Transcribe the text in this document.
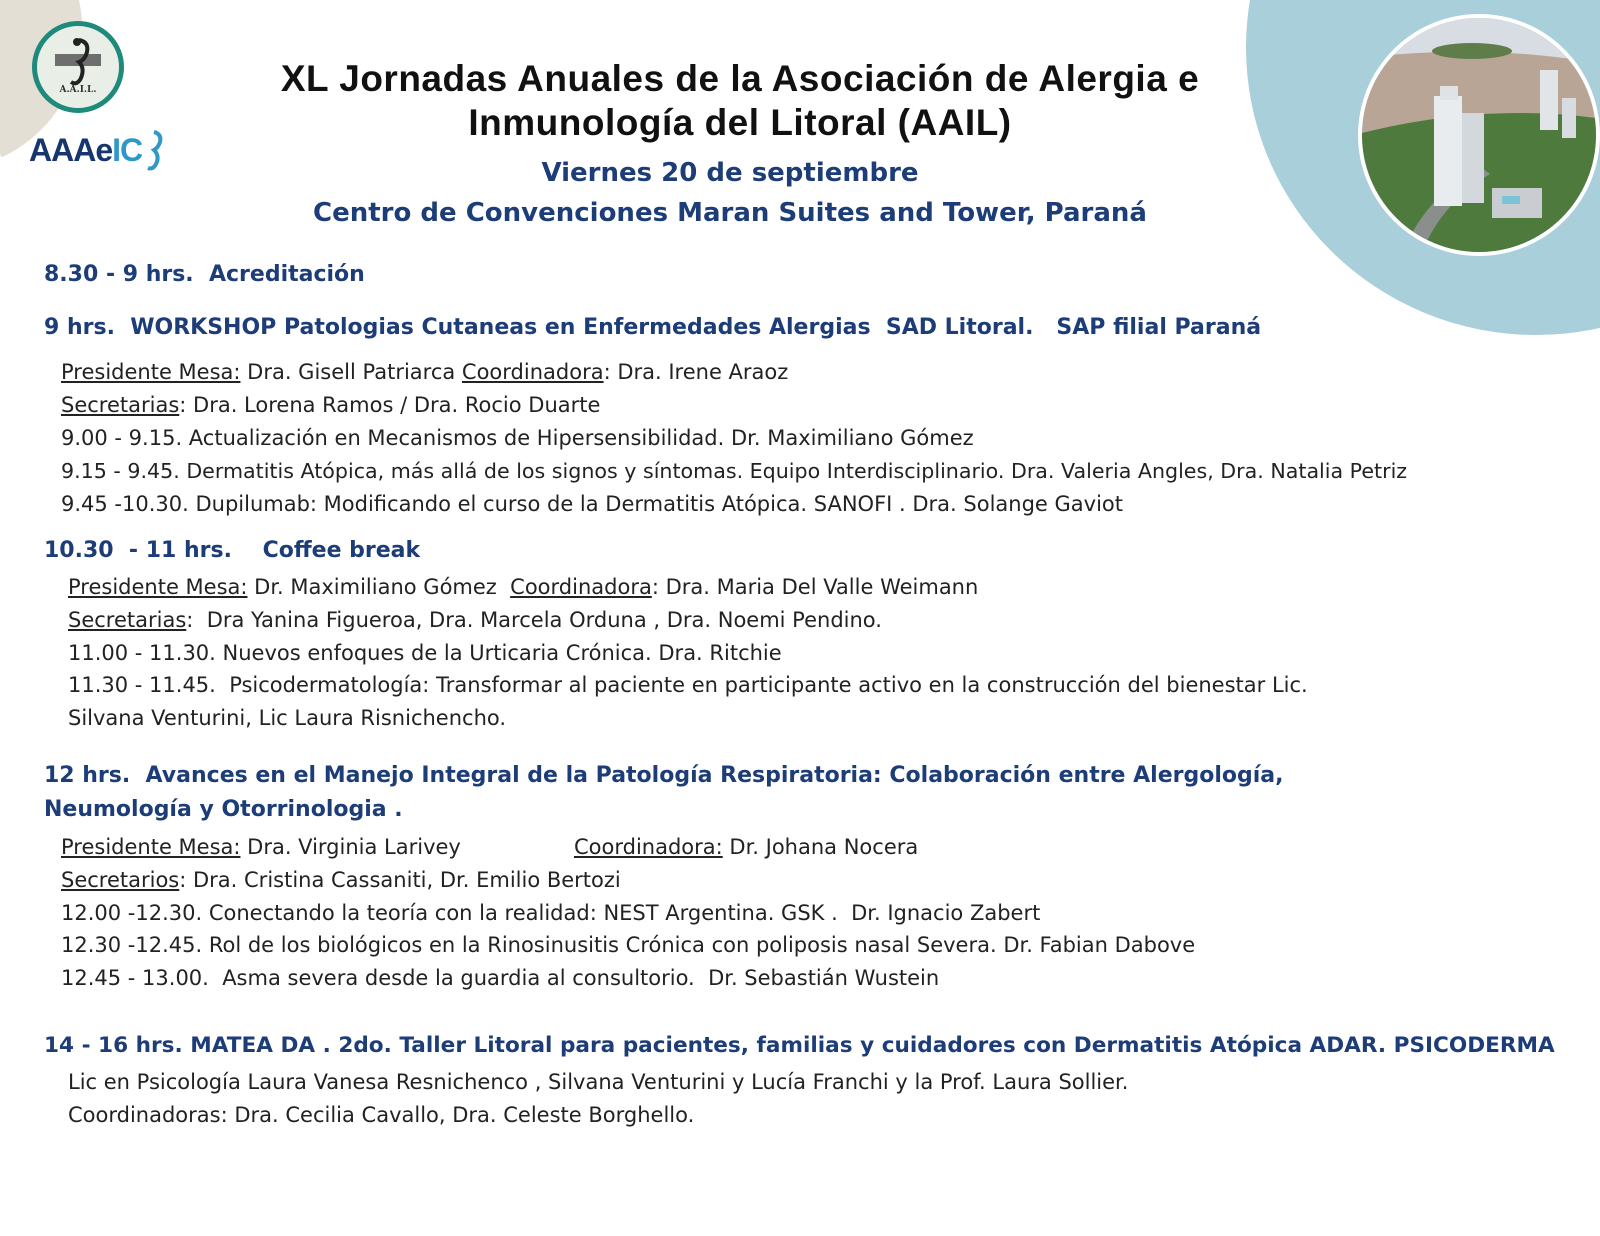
A.A.I.L.
AAAeIC
XL Jornadas Anuales de la Asociación de Alergia e
Inmunología del Litoral (AAIL)
Viernes 20 de septiembre
Centro de Convenciones Maran Suites and Tower, Paraná
8.30 - 9 hrs.  Acreditación
9 hrs.  WORKSHOP Patologias Cutaneas en Enfermedades Alergias  SAD Litoral.   SAP filial Paraná
Presidente Mesa: Dra. Gisell Patriarca Coordinadora: Dra. Irene Araoz
Secretarias: Dra. Lorena Ramos / Dra. Rocio Duarte
9.00 - 9.15. Actualización en Mecanismos de Hipersensibilidad. Dr. Maximiliano Gómez
9.15 - 9.45. Dermatitis Atópica, más allá de los signos y síntomas. Equipo Interdisciplinario. Dra. Valeria Angles, Dra. Natalia Petriz
9.45 -10.30. Dupilumab: Modificando el curso de la Dermatitis Atópica. SANOFI . Dra. Solange Gaviot
10.30  - 11 hrs.    Coffee break
Presidente Mesa: Dr. Maximiliano Gómez  Coordinadora: Dra. Maria Del Valle Weimann
Secretarias:  Dra Yanina Figueroa, Dra. Marcela Orduna , Dra. Noemi Pendino.
11.00 - 11.30. Nuevos enfoques de la Urticaria Crónica. Dra. Ritchie
11.30 - 11.45.  Psicodermatología: Transformar al paciente en participante activo en la construcción del bienestar Lic.
Silvana Venturini, Lic Laura Risnichencho.
12 hrs.  Avances en el Manejo Integral de la Patología Respiratoria: Colaboración entre Alergología,
Neumología y Otorrinologia .
Presidente Mesa: Dra. Virginia Larivey	Coordinadora: Dr. Johana Nocera
Secretarios: Dra. Cristina Cassaniti, Dr. Emilio Bertozi
12.00 -12.30. Conectando la teoría con la realidad: NEST Argentina. GSK .  Dr. Ignacio Zabert
12.30 -12.45. Rol de los biológicos en la Rinosinusitis Crónica con poliposis nasal Severa. Dr. Fabian Dabove
12.45 - 13.00.  Asma severa desde la guardia al consultorio.  Dr. Sebastián Wustein
14 - 16 hrs. MATEA DA . 2do. Taller Litoral para pacientes, familias y cuidadores con Dermatitis Atópica ADAR. PSICODERMA
Lic en Psicología Laura Vanesa Resnichenco , Silvana Venturini y Lucía Franchi y la Prof. Laura Sollier.
Coordinadoras: Dra. Cecilia Cavallo, Dra. Celeste Borghello.
